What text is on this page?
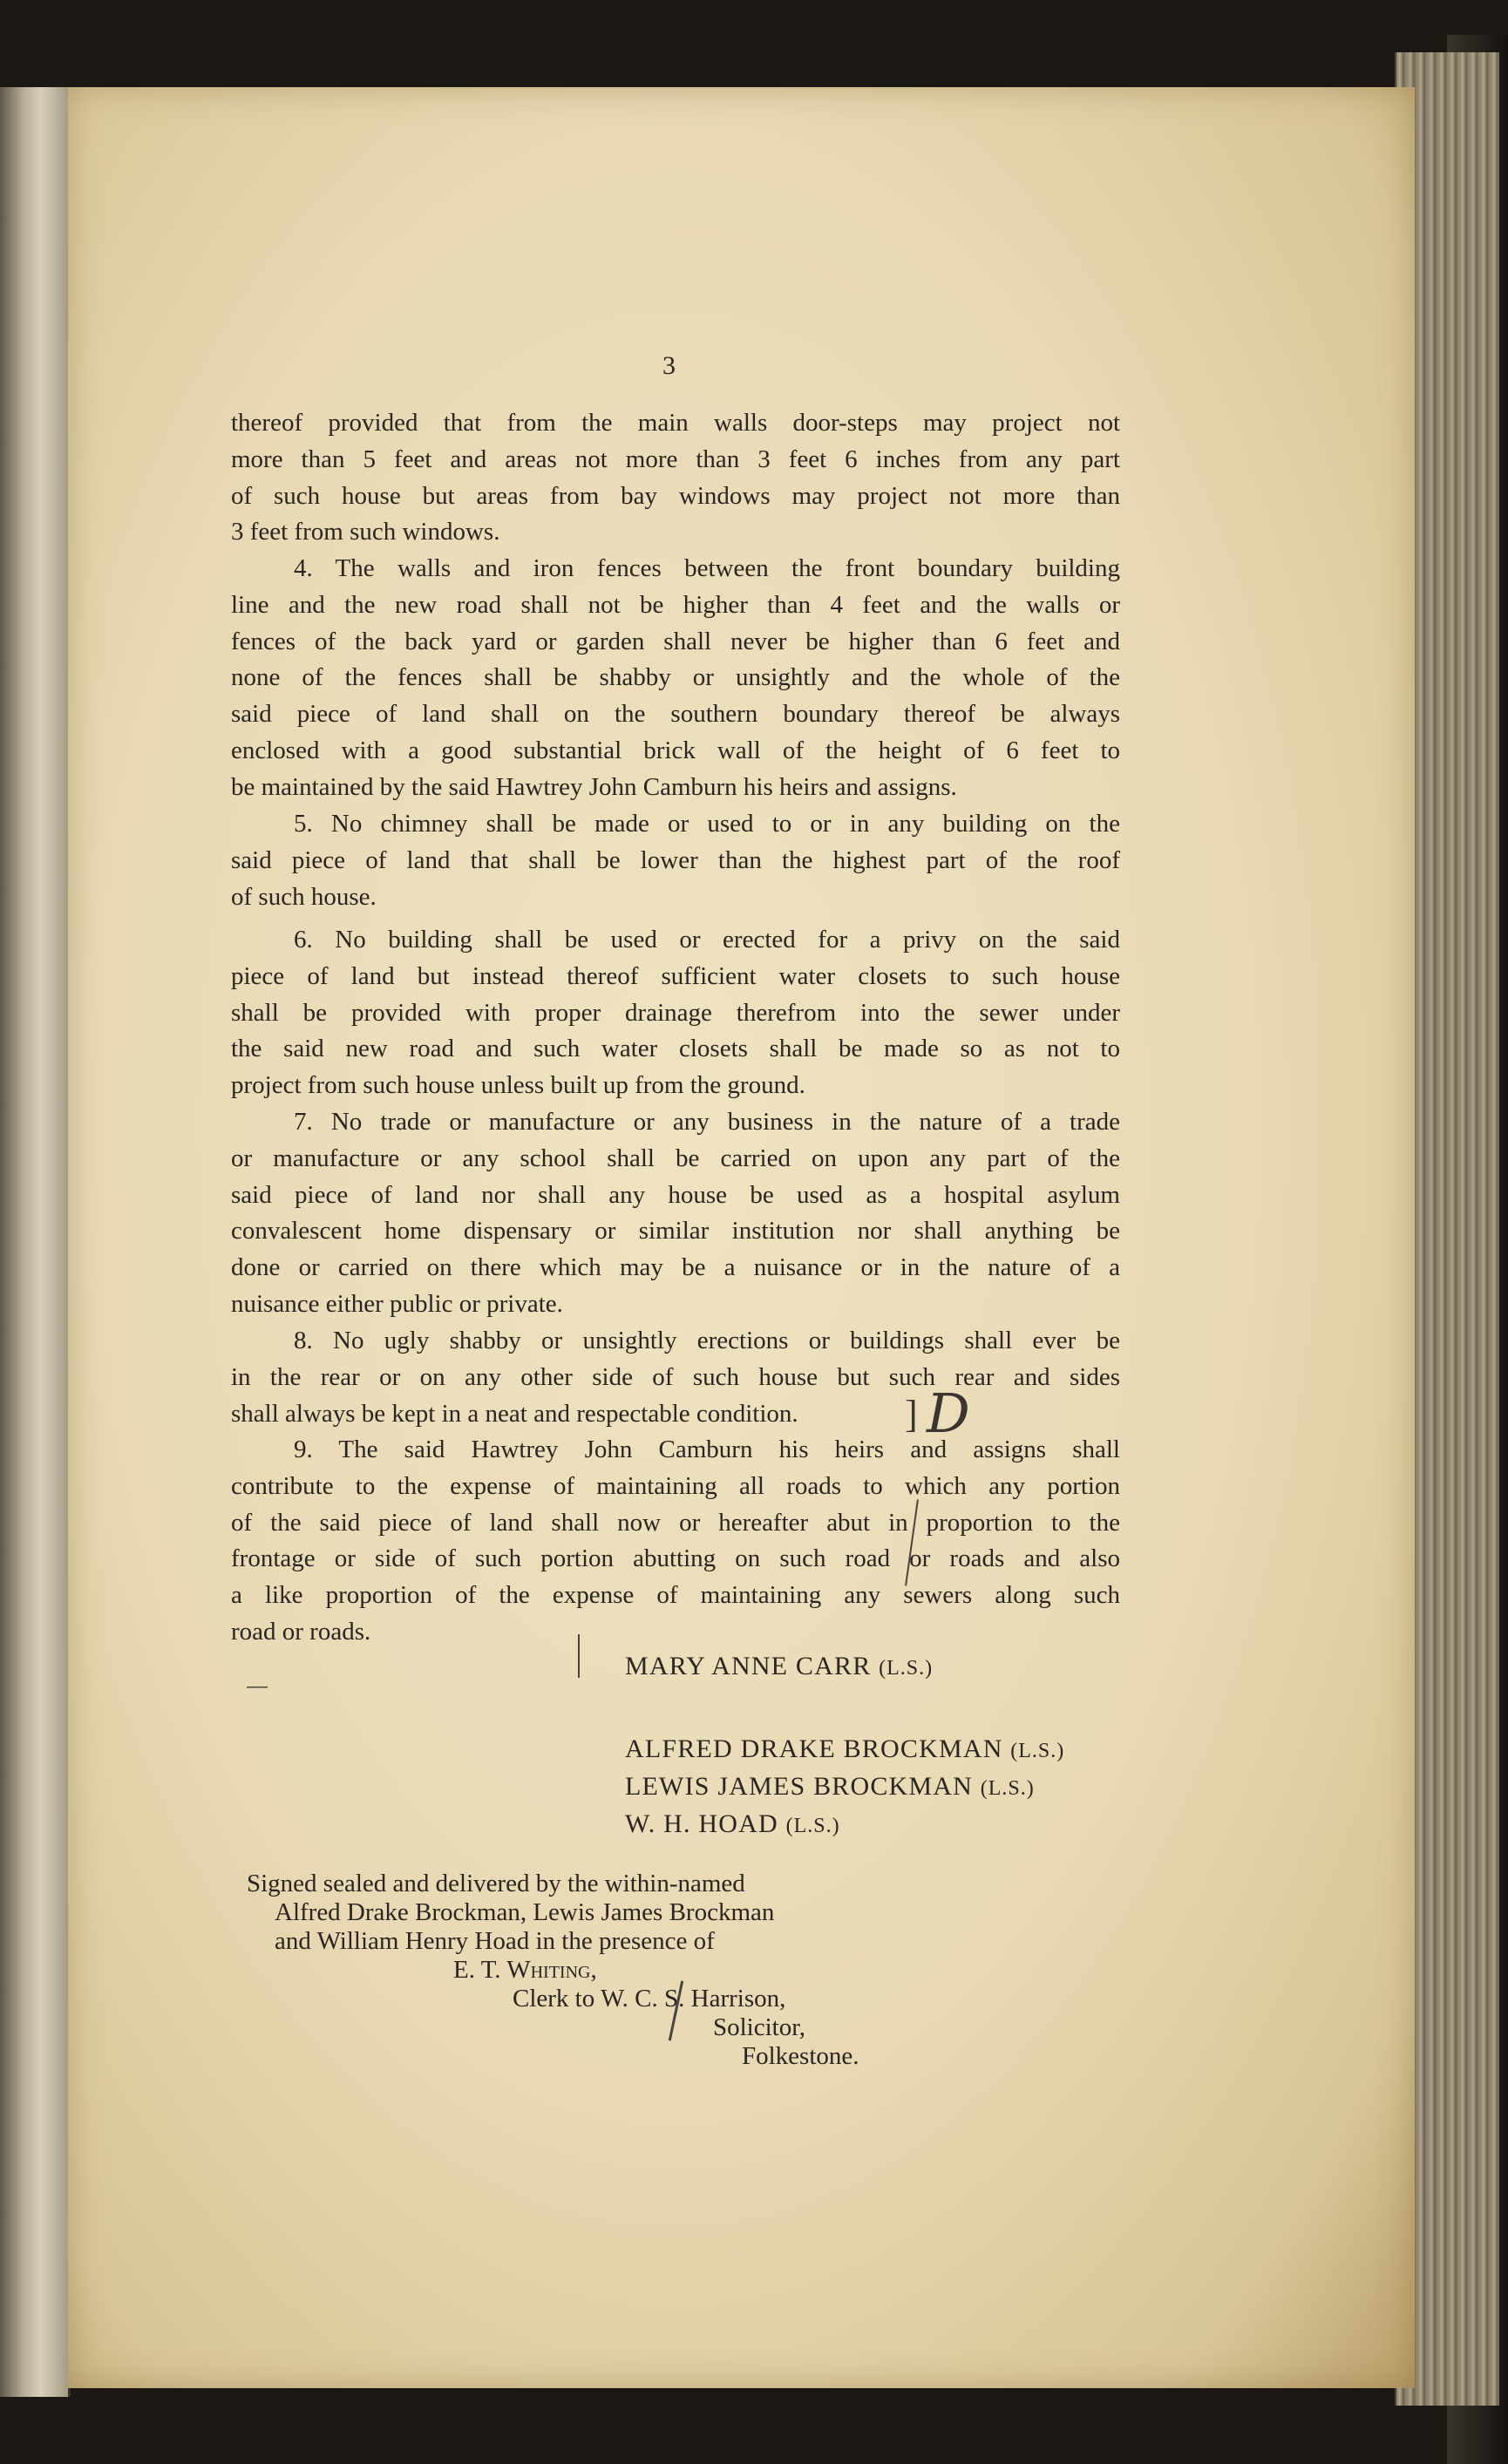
3
thereof provided that from the main walls door-steps may project not
more than 5 feet and areas not more than 3 feet 6 inches from any part
of such house but areas from bay windows may project not more than
3 feet from such windows.
4. The walls and iron fences between the front boundary building
line and the new road shall not be higher than 4 feet and the walls or
fences of the back yard or garden shall never be higher than 6 feet and
none of the fences shall be shabby or unsightly and the whole of the
said piece of land shall on the southern boundary thereof be always
enclosed with a good substantial brick wall of the height of 6 feet to
be maintained by the said Hawtrey John Camburn his heirs and assigns.
5. No chimney shall be made or used to or in any building on the
said piece of land that shall be lower than the highest part of the roof
of such house.
6. No building shall be used or erected for a privy on the said
piece of land but instead thereof sufficient water closets to such house
shall be provided with proper drainage therefrom into the sewer under
the said new road and such water closets shall be made so as not to
project from such house unless built up from the ground.
7. No trade or manufacture or any business in the nature of a trade
or manufacture or any school shall be carried on upon any part of the
said piece of land nor shall any house be used as a hospital asylum
convalescent home dispensary or similar institution nor shall anything be
done or carried on there which may be a nuisance or in the nature of a
nuisance either public or private.
8. No ugly shabby or unsightly erections or buildings shall ever be
in the rear or on any other side of such house but such rear and sides
shall always be kept in a neat and respectable condition.
9. The said Hawtrey John Camburn his heirs and assigns shall
contribute to the expense of maintaining all roads to which any portion
of the said piece of land shall now or hereafter abut in proportion to the
frontage or side of such portion abutting on such road or roads and also
a like proportion of the expense of maintaining any sewers along such
road or roads.
] D
⎯⎯
MARY ANNE CARR (L.S.)
ALFRED DRAKE BROCKMAN (L.S.)
LEWIS JAMES BROCKMAN (L.S.)
W. H. HOAD (L.S.)
Signed sealed and delivered by the within-named
Alfred Drake Brockman, Lewis James Brockman
and William Henry Hoad in the presence of
E. T. Whiting,
Clerk to W. C. S. Harrison,
Solicitor,
Folkestone.
